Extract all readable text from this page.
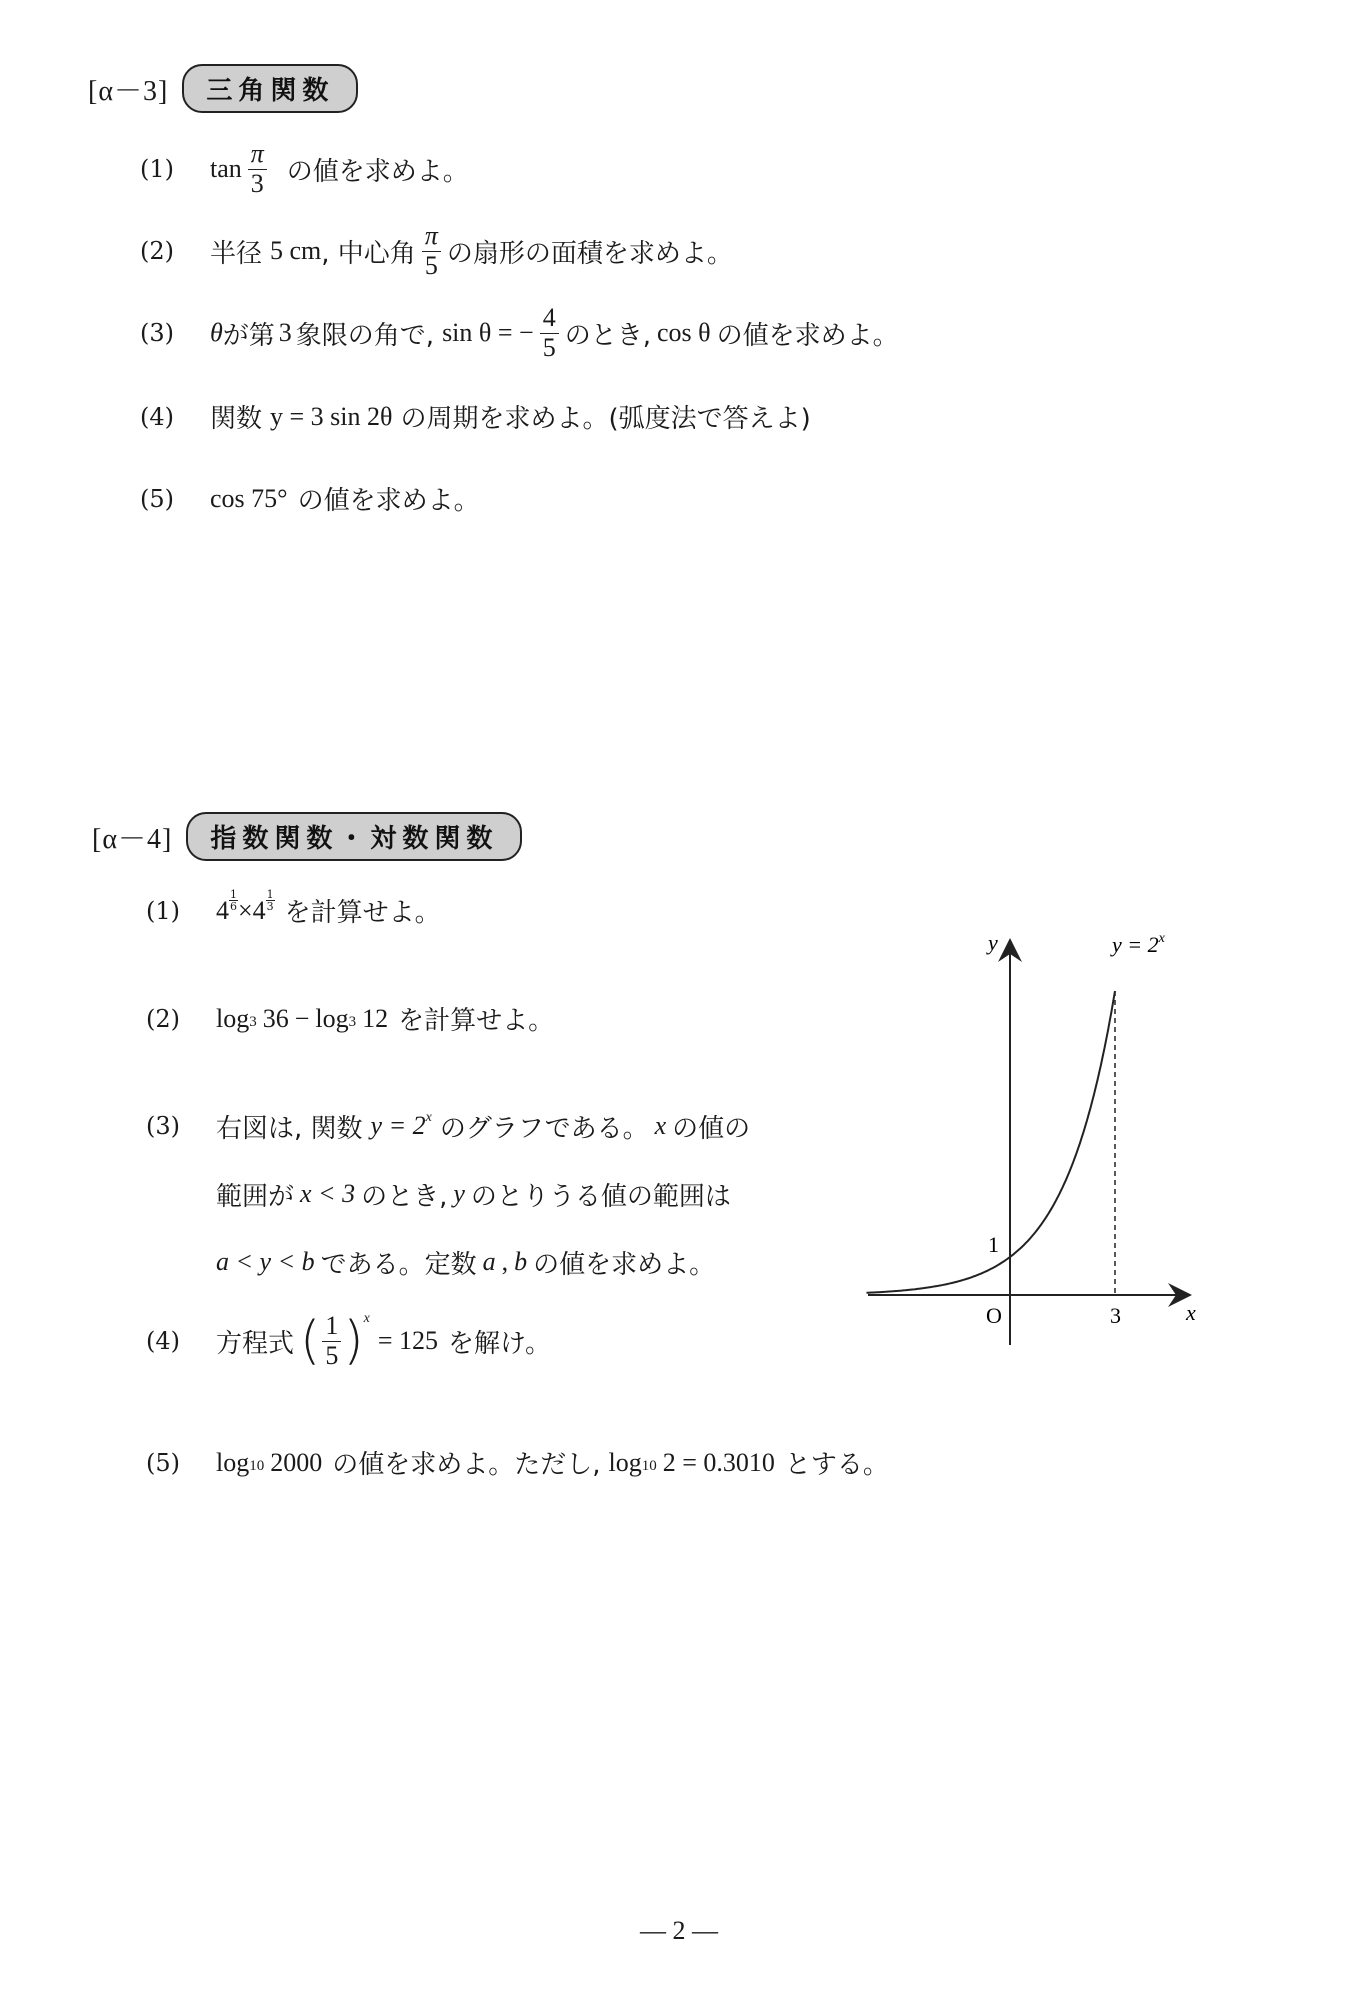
[α－3]	三角関数
(1)	$\tan \frac{\pi}{3}$ の値を求めよ。
(2)	半径 5 cm , 中心角 $\frac{\pi}{5}$ の扇形の面積を求めよ。
(3)	θ が第 3 象限の角で, sin θ = − $\frac{4}{5}$ のとき, cos θ の値を求めよ。
(4)	関数 y = 3 sin 2θ の周期を求めよ。(弧度法で答えよ)
(5)	cos 75° の値を求めよ。
[α－4]	指数関数・対数関数
(1)	$4 \frac{1}{6} \times 4$
1
3 を計算せよ。
(2)	log 3 36 − log 3 12 を計算せよ。
(3)	右図は, 関数 y = 2 x のグラフである。 x の値の
範囲が x < 3 のとき, y のとりうる値の範囲は
a < y < b である。定数 a , b の値を求めよ。
(4)	方程式 ( $\frac{1}{5}$ ) x
= 125 を解け。
(5)	log 10 2000 の値を求めよ。ただし, log 10 2 = 0.3010 とする。
y	$y = 2^x$
1
O	3	x
— 2 —
